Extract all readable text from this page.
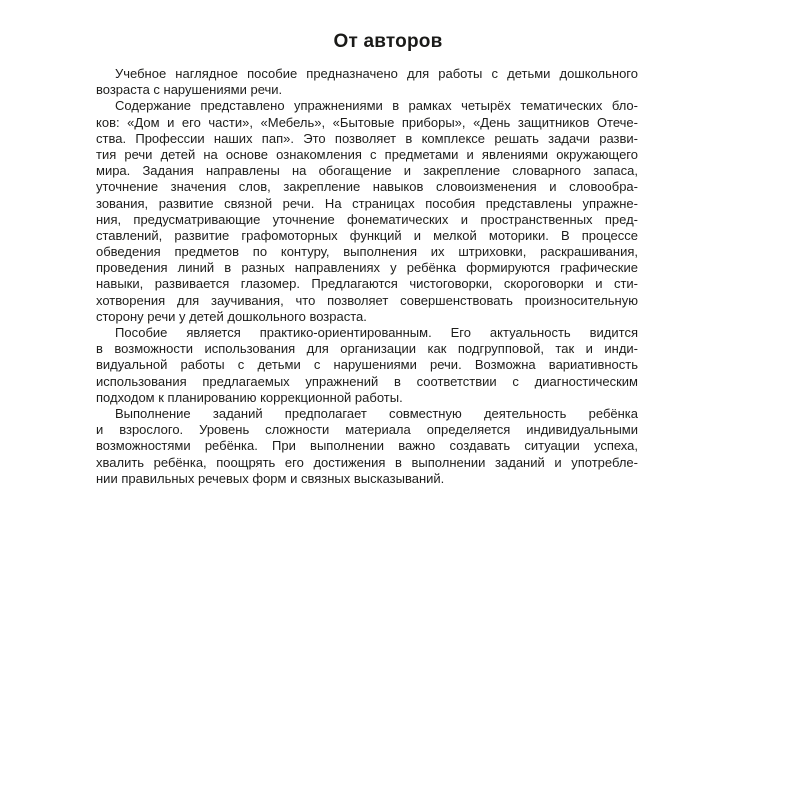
От авторов

Учебное наглядное пособие предназначено для работы с детьми дошкольного
возраста с нарушениями речи.

Содержание представлено упражнениями в рамках четырёх тематических бло-
ков: «Дом и его части», «Мебель», «Бытовые приборы», «День защитников Отече-
ства. Профессии наших пап». Это позволяет в комплексе решать задачи разви-
тия речи детей на основе ознакомления с предметами и явлениями окружающего
мира. Задания направлены на обогащение и закрепление словарного запаса,
уточнение значения слов, закрепление навыков словоизменения и словообра-
зования, развитие связной речи. На страницах пособия представлены упражне-
ния, предусматривающие уточнение фонематических и пространственных пред-
ставлений, развитие графомоторных функций и мелкой моторики. В процессе
обведения предметов по контуру, выполнения их штриховки, раскрашивания,
проведения линий в разных направлениях у ребёнка формируются графические
навыки, развивается глазомер. Предлагаются чистоговорки, скороговорки и сти-
хотворения для заучивания, что позволяет совершенствовать произносительную
сторону речи у детей дошкольного возраста.

Пособие является практико-ориентированным. Его актуальность видится
в возможности использования для организации как подгрупповой, так и инди-
видуальной работы с детьми с нарушениями речи. Возможна вариативность
использования предлагаемых упражнений в соответствии с диагностическим
подходом к планированию коррекционной работы.

Выполнение заданий предполагает совместную деятельность ребёнка
и взрослого. Уровень сложности материала определяется индивидуальными
возможностями ребёнка. При выполнении важно создавать ситуации успеха,
хвалить ребёнка, поощрять его достижения в выполнении заданий и употребле-
нии правильных речевых форм и связных высказываний.
